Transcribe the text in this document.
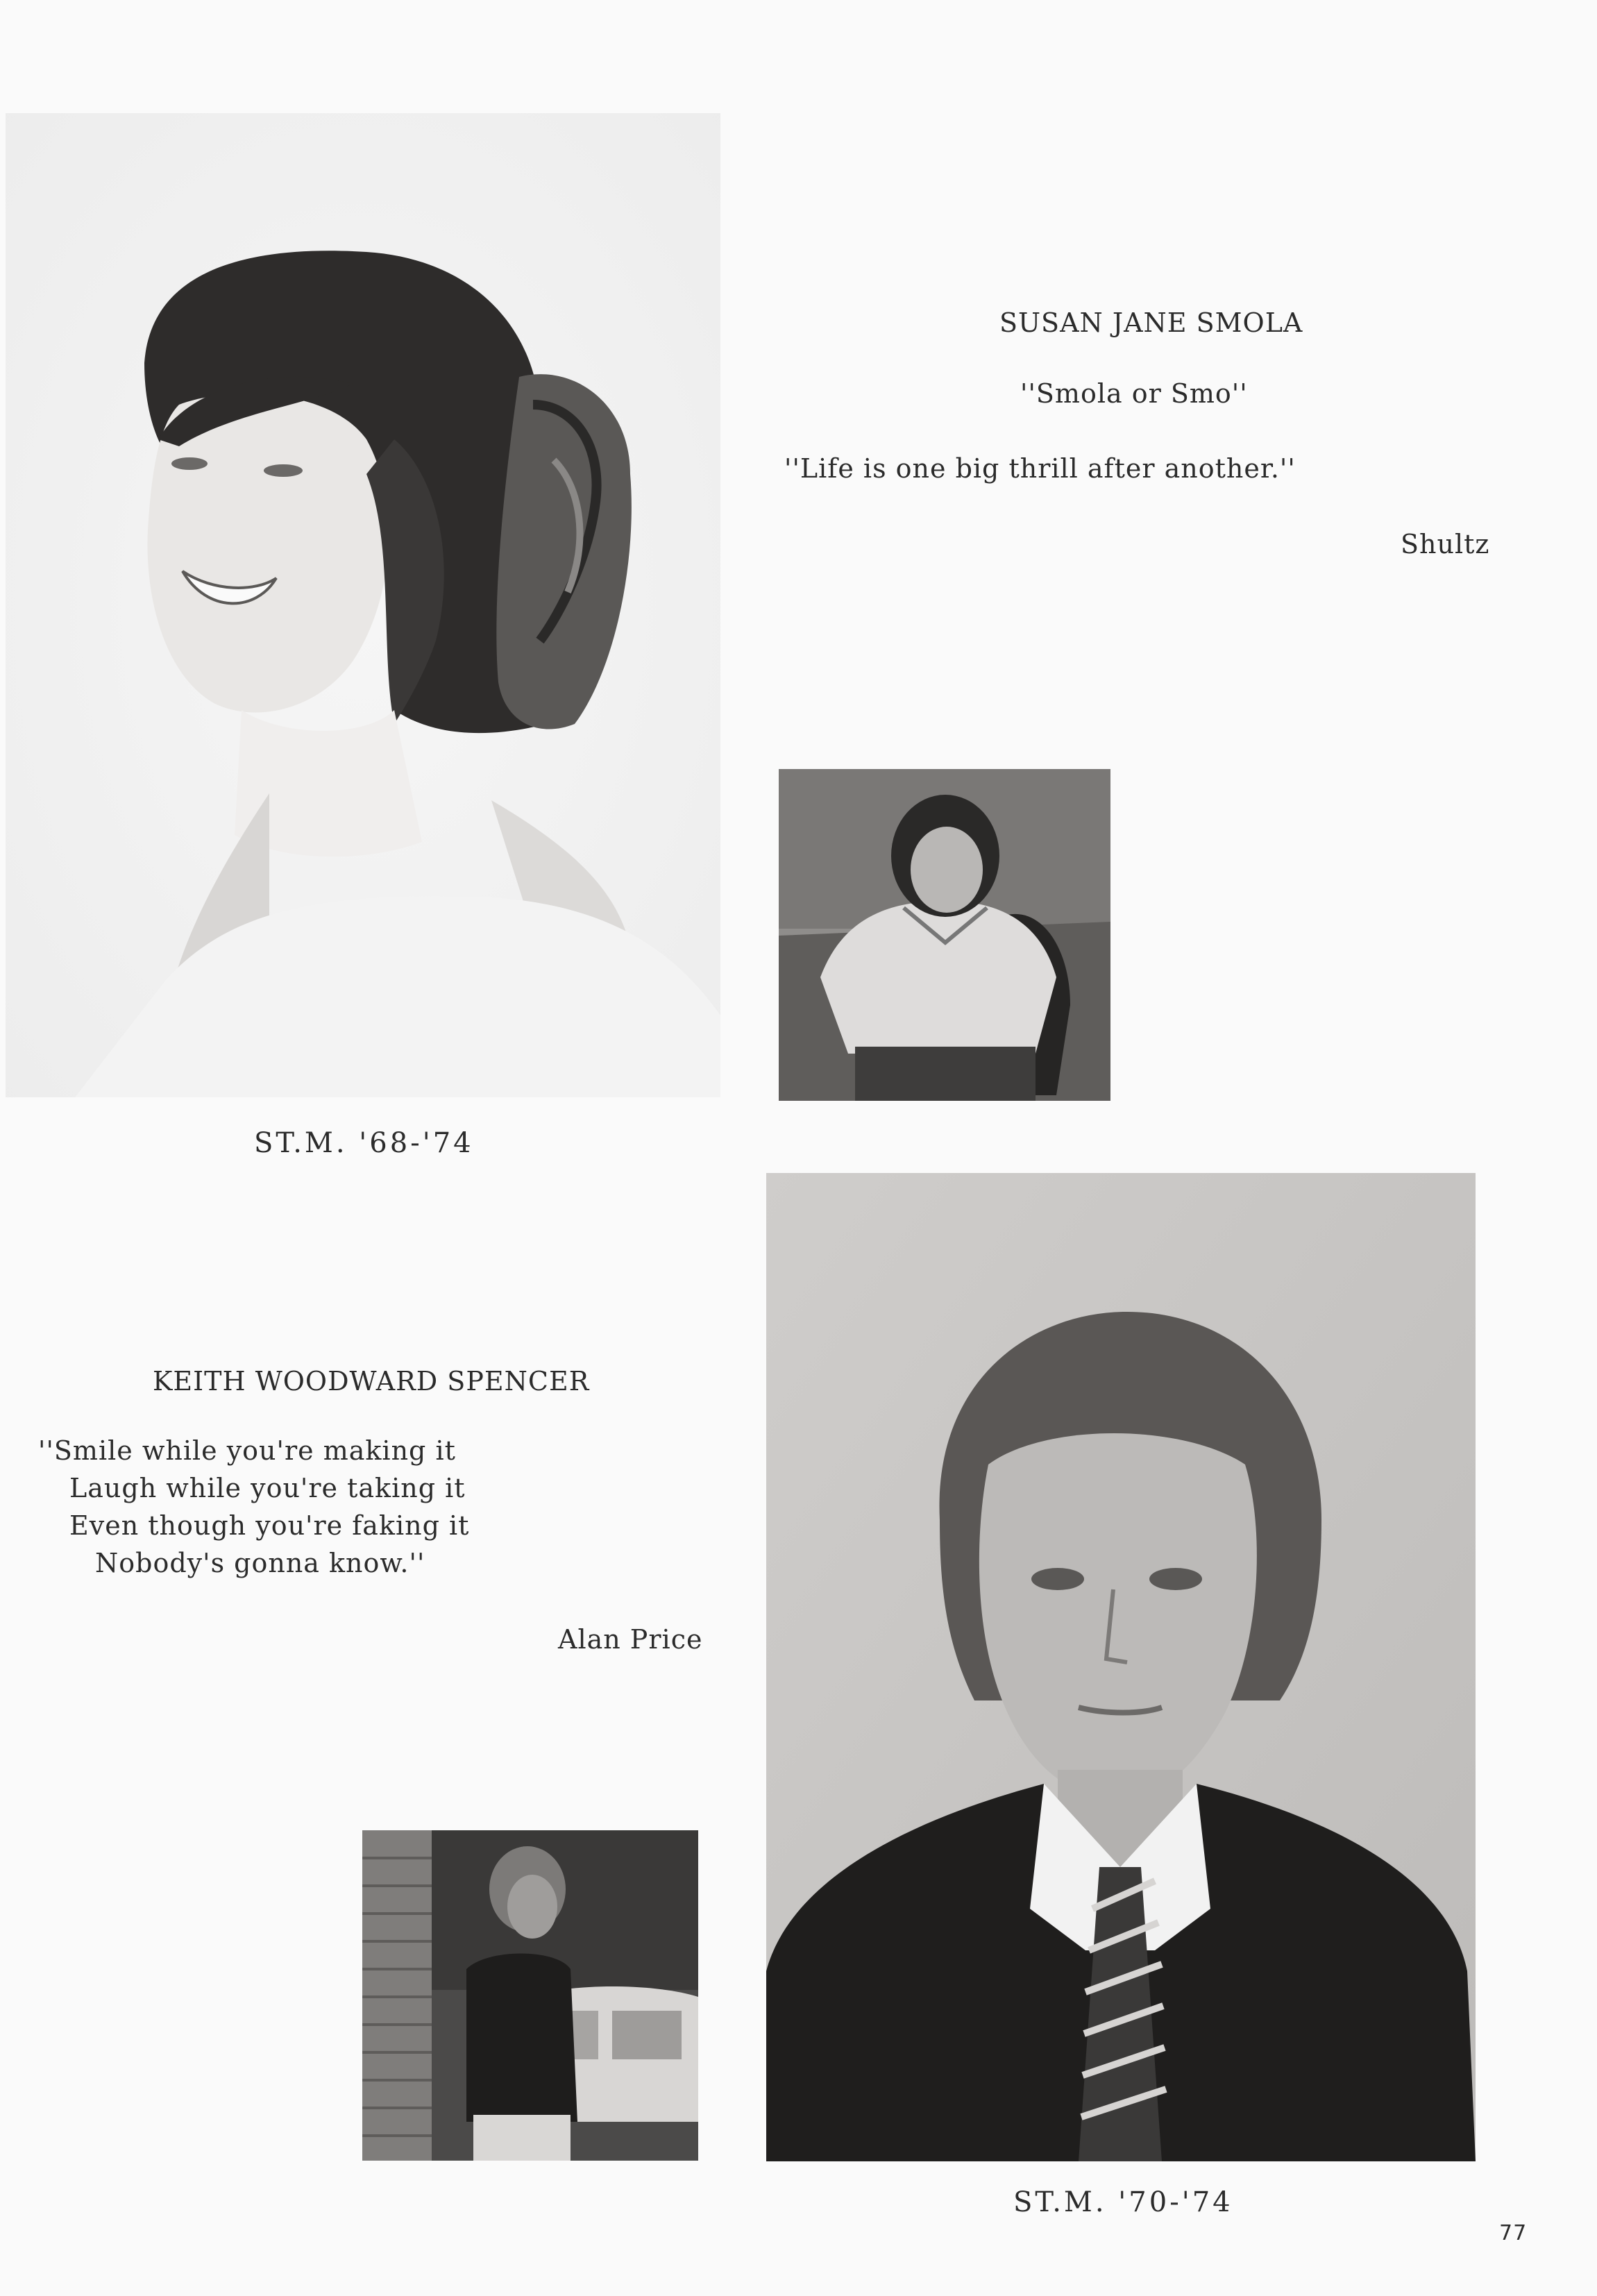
SUSAN JANE SMOLA
''Smola or Smo''
''Life is one big thrill after another.''
Shultz
ST.M. '68-'74
KEITH WOODWARD SPENCER
''Smile while you're making it
Laugh while you're taking it
Even though you're faking it
Nobody's gonna know.''
Alan Price
ST.M. '70-'74
77
